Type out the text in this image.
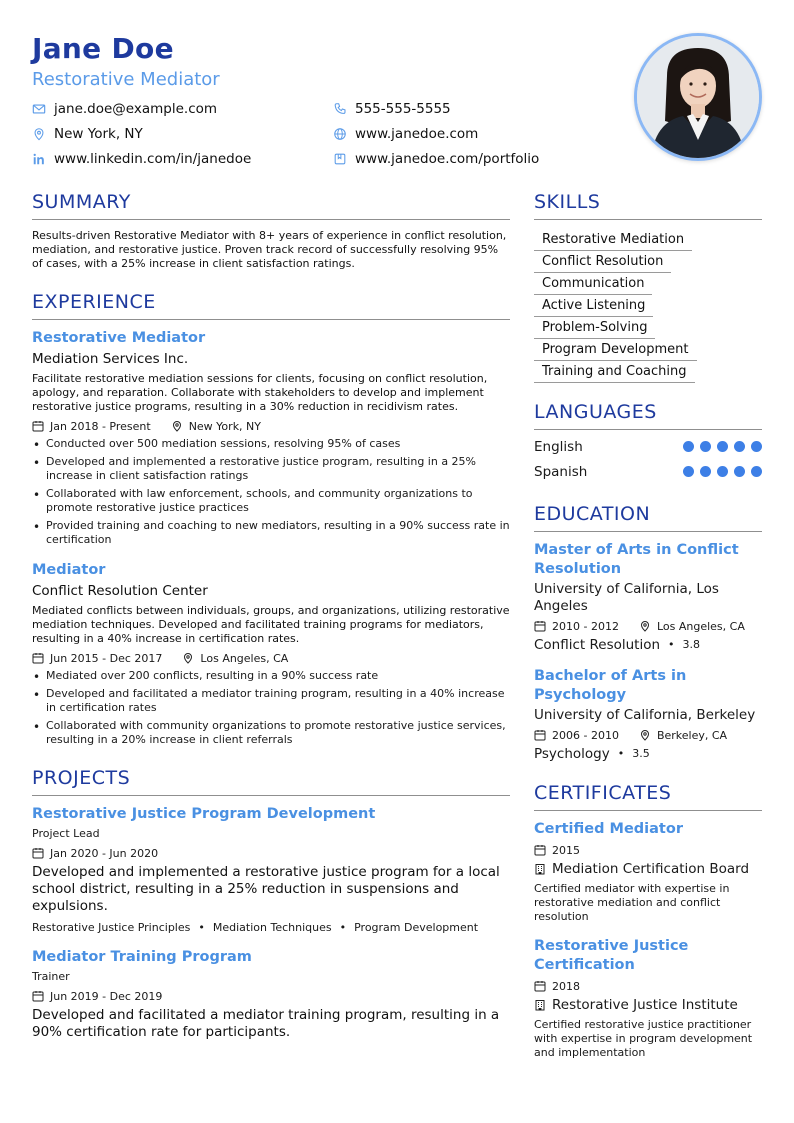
Jane Doe
Restorative Mediator
jane.doe@example.com	555-555-5555
New York, NY	www.janedoe.com
www.linkedin.com/in/janedoe	www.janedoe.com/portfolio
SUMMARY
Results-driven Restorative Mediator with 8+ years of experience in conflict resolution, mediation, and restorative justice. Proven track record of successfully resolving 95% of cases, with a 25% increase in client satisfaction ratings.
EXPERIENCE
Restorative Mediator
Mediation Services Inc.
Facilitate restorative mediation sessions for clients, focusing on conflict resolution, apology, and reparation. Collaborate with stakeholders to develop and implement restorative justice programs, resulting in a 30% reduction in recidivism rates.
Jan 2018 - Present	New York, NY
• Conducted over 500 mediation sessions, resolving 95% of cases
• Developed and implemented a restorative justice program, resulting in a 25% increase in client satisfaction ratings
• Collaborated with law enforcement, schools, and community organizations to promote restorative justice practices
• Provided training and coaching to new mediators, resulting in a 90% success rate in certification
Mediator
Conflict Resolution Center
Mediated conflicts between individuals, groups, and organizations, utilizing restorative mediation techniques. Developed and facilitated training programs for mediators, resulting in a 40% increase in certification rates.
Jun 2015 - Dec 2017	Los Angeles, CA
• Mediated over 200 conflicts, resulting in a 90% success rate
• Developed and facilitated a mediator training program, resulting in a 40% increase in certification rates
• Collaborated with community organizations to promote restorative justice services, resulting in a 20% increase in client referrals
PROJECTS
Restorative Justice Program Development
Project Lead
Jan 2020 - Jun 2020
Developed and implemented a restorative justice program for a local school district, resulting in a 25% reduction in suspensions and expulsions.
Restorative Justice Principles • Mediation Techniques • Program Development
Mediator Training Program
Trainer
Jun 2019 - Dec 2019
Developed and facilitated a mediator training program, resulting in a 90% certification rate for participants.
SKILLS
Restorative Mediation
Conflict Resolution
Communication
Active Listening
Problem-Solving
Program Development
Training and Coaching
LANGUAGES
English
Spanish
EDUCATION
Master of Arts in Conflict Resolution
University of California, Los Angeles
2010 - 2012	Los Angeles, CA
Conflict Resolution • 3.8
Bachelor of Arts in Psychology
University of California, Berkeley
2006 - 2010	Berkeley, CA
Psychology • 3.5
CERTIFICATES
Certified Mediator
2015
Mediation Certification Board
Certified mediator with expertise in restorative mediation and conflict resolution
Restorative Justice Certification
2018
Restorative Justice Institute
Certified restorative justice practitioner with expertise in program development and implementation
